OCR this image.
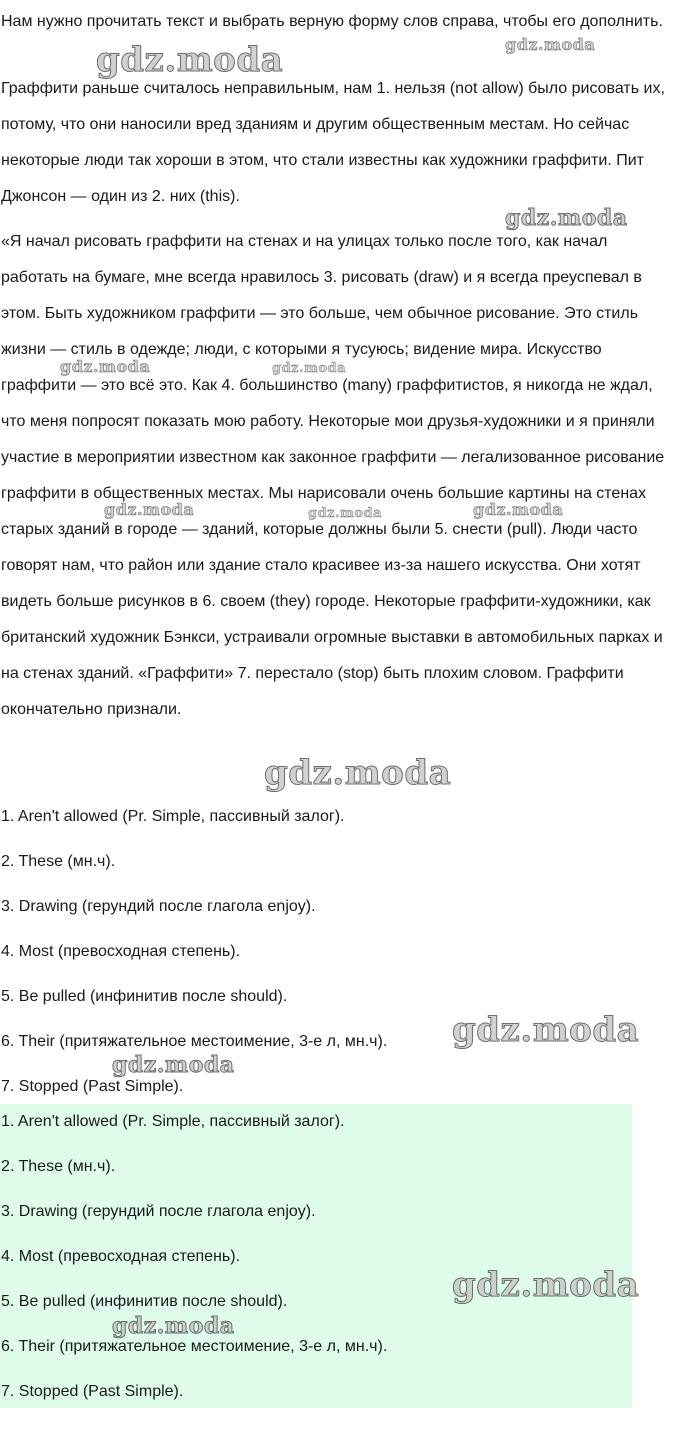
Нам нужно прочитать текст и выбрать верную форму слов справа, чтобы его дополнить.

Граффити раньше считалось неправильным, нам 1. нельзя (not allow) было рисовать их, потому, что они наносили вред зданиям и другим общественным местам. Но сейчас некоторые люди так хороши в этом, что стали известны как художники граффити. Пит Джонсон — один из 2. них (this).

«Я начал рисовать граффити на стенах и на улицах только после того, как начал работать на бумаге, мне всегда нравилось 3. рисовать (draw) и я всегда преуспевал в этом. Быть художником граффити — это больше, чем обычное рисование. Это стиль жизни — стиль в одежде; люди, с которыми я тусуюсь; видение мира. Искусство граффити — это всё это. Как 4. большинство (many) граффитистов, я никогда не ждал, что меня попросят показать мою работу. Некоторые мои друзья-художники и я приняли участие в мероприятии известном как законное граффити — легализованное рисование граффити в общественных местах. Мы нарисовали очень большие картины на стенах старых зданий в городе — зданий, которые должны были 5. снести (pull). Люди часто говорят нам, что район или здание стало красивее из-за нашего искусства. Они хотят видеть больше рисунков в 6. своем (they) городе. Некоторые граффити-художники, как британский художник Бэнкси, устраивали огромные выставки в автомобильных парках и на стенах зданий. «Граффити» 7. перестало (stop) быть плохим словом. Граффити окончательно признали.

1. Aren't allowed (Pr. Simple, пассивный залог).
2. These (мн.ч).
3. Drawing (герундий после глагола enjoy).
4. Most (превосходная степень).
5. Be pulled (инфинитив после should).
6. Their (притяжательное местоимение, 3-е л, мн.ч).
7. Stopped (Past Simple).
1. Aren't allowed (Pr. Simple, пассивный залог).
2. These (мн.ч).
3. Drawing (герундий после глагола enjoy).
4. Most (превосходная степень).
5. Be pulled (инфинитив после should).
6. Their (притяжательное местоимение, 3-е л, мн.ч).
7. Stopped (Past Simple).
gdz.moda	gdz.moda
gdz.moda
gdz.moda	gdz.moda
gdz.moda	gdz.moda	gdz.moda
gdz.moda
gdz.moda
gdz.moda
gdz.moda
gdz.moda
